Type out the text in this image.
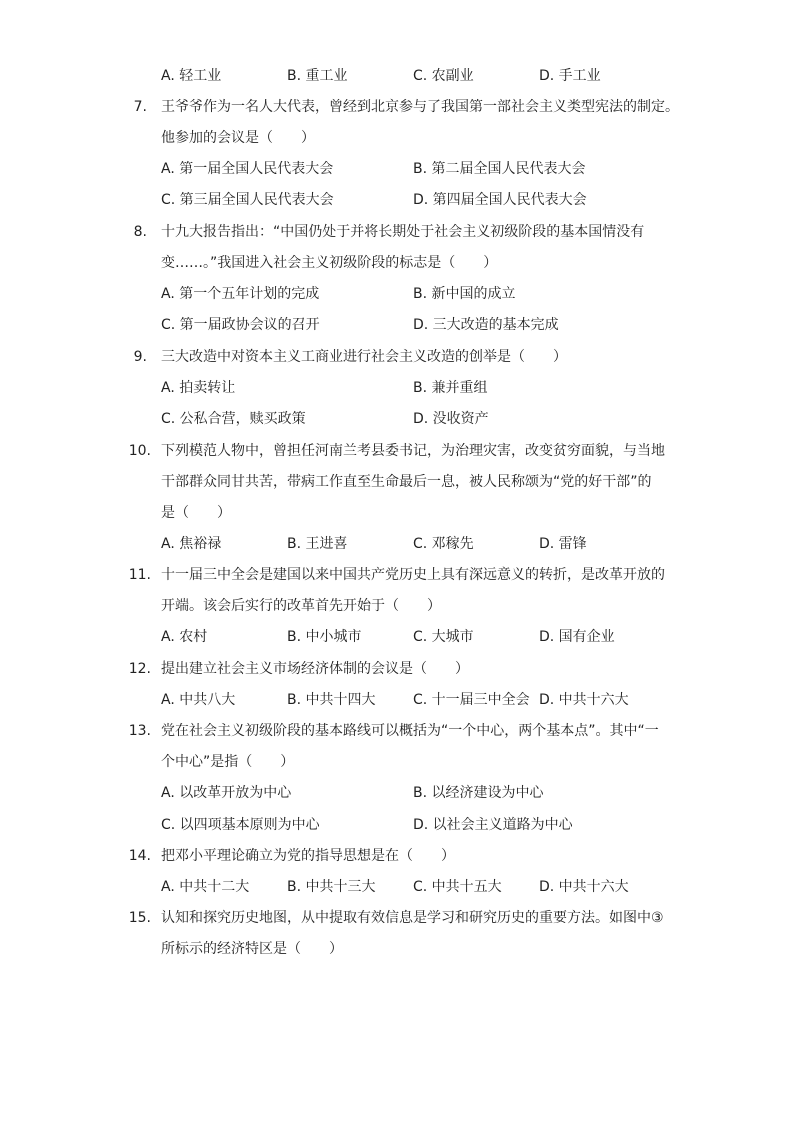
A. 轻工业	B. 重工业	C. 农副业	D. 手工业
7. 王爷爷作为一名人大代表，曾经到北京参与了我国第一部社会主义类型宪法的制定。
他参加的会议是（　　）
A. 第一届全国人民代表大会	B. 第二届全国人民代表大会
C. 第三届全国人民代表大会	D. 第四届全国人民代表大会
8. 十九大报告指出：“中国仍处于并将长期处于社会主义初级阶段的基本国情没有
变……。”我国进入社会主义初级阶段的标志是（　　）
A. 第一个五年计划的完成	B. 新中国的成立
C. 第一届政协会议的召开	D. 三大改造的基本完成
9. 三大改造中对资本主义工商业进行社会主义改造的创举是（　　）
A. 拍卖转让	B. 兼并重组
C. 公私合营，赎买政策	D. 没收资产
10. 下列模范人物中，曾担任河南兰考县委书记，为治理灾害，改变贫穷面貌，与当地
干部群众同甘共苦，带病工作直至生命最后一息，被人民称颂为“党的好干部”的
是（　　）
A. 焦裕禄	B. 王进喜	C. 邓稼先	D. 雷锋
11. 十一届三中全会是建国以来中国共产党历史上具有深远意义的转折，是改革开放的
开端。该会后实行的改革首先开始于（　　）
A. 农村	B. 中小城市	C. 大城市	D. 国有企业
12. 提出建立社会主义市场经济体制的会议是（　　）
A. 中共八大	B. 中共十四大	C. 十一届三中全会 D. 中共十六大
13. 党在社会主义初级阶段的基本路线可以概括为“一个中心，两个基本点”。其中“一
个中心”是指（　　）
A. 以改革开放为中心	B. 以经济建设为中心
C. 以四项基本原则为中心	D. 以社会主义道路为中心
14. 把邓小平理论确立为党的指导思想是在（　　）
A. 中共十二大	B. 中共十三大	C. 中共十五大	D. 中共十六大
15. 认知和探究历史地图，从中提取有效信息是学习和研究历史的重要方法。如图中③
所标示的经济特区是（　　）
